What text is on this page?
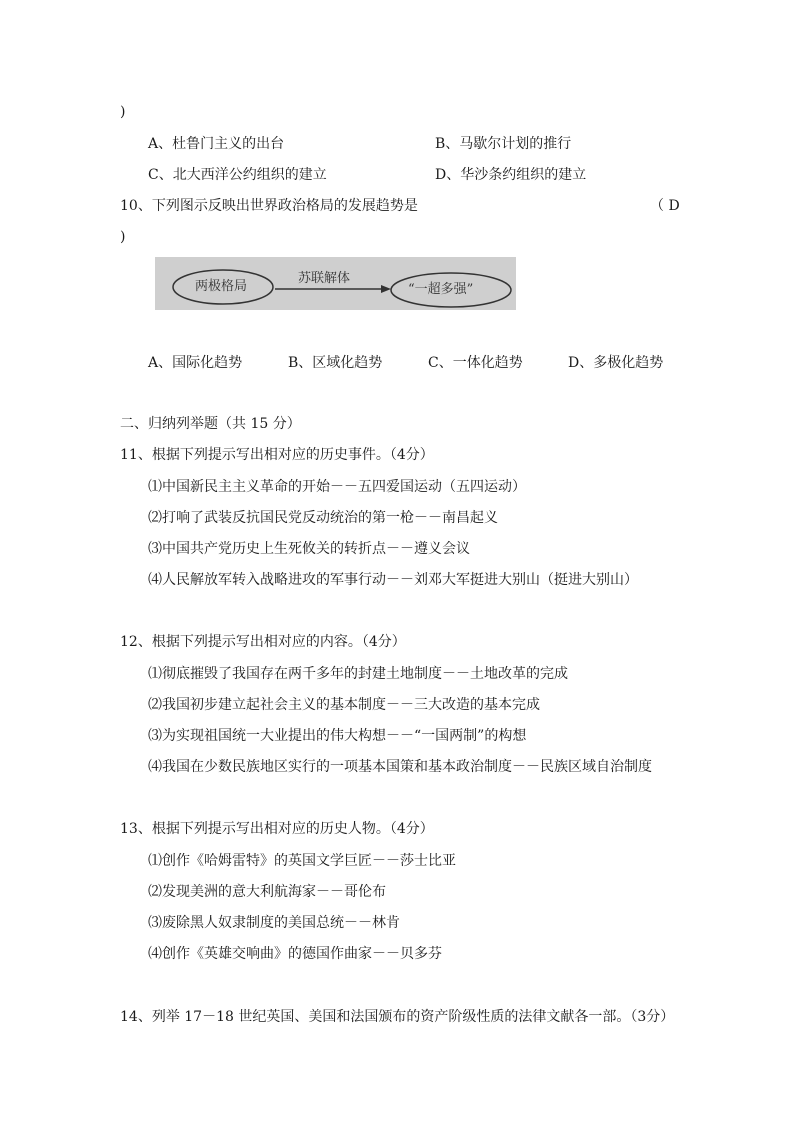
)
A、杜鲁门主义的出台	B、马歇尔计划的推行
C、北大西洋公约组织的建立	D、华沙条约组织的建立
10、下列图示反映出世界政治格局的发展趋势是	（ D
)
两极格局
苏联解体
“一超多强”
A、国际化趋势	B、区域化趋势	C、一体化趋势	D、多极化趋势
二、归纳列举题（共 15 分）
11、根据下列提示写出相对应的历史事件。（4分）
⑴中国新民主主义革命的开始－－五四爱国运动（五四运动）
⑵打响了武装反抗国民党反动统治的第一枪－－南昌起义
⑶中国共产党历史上生死攸关的转折点－－遵义会议
⑷人民解放军转入战略进攻的军事行动－－刘邓大军挺进大别山（挺进大别山）
12、根据下列提示写出相对应的内容。（4分）
⑴彻底摧毁了我国存在两千多年的封建土地制度－－土地改革的完成
⑵我国初步建立起社会主义的基本制度－－三大改造的基本完成
⑶为实现祖国统一大业提出的伟大构想－－“一国两制”的构想
⑷我国在少数民族地区实行的一项基本国策和基本政治制度－－民族区域自治制度
13、根据下列提示写出相对应的历史人物。（4分）
⑴创作《哈姆雷特》的英国文学巨匠－－莎士比亚
⑵发现美洲的意大利航海家－－哥伦布
⑶废除黑人奴隶制度的美国总统－－林肯
⑷创作《英雄交响曲》的德国作曲家－－贝多芬
14、列举 17－18 世纪英国、美国和法国颁布的资产阶级性质的法律文献各一部。（3分）
